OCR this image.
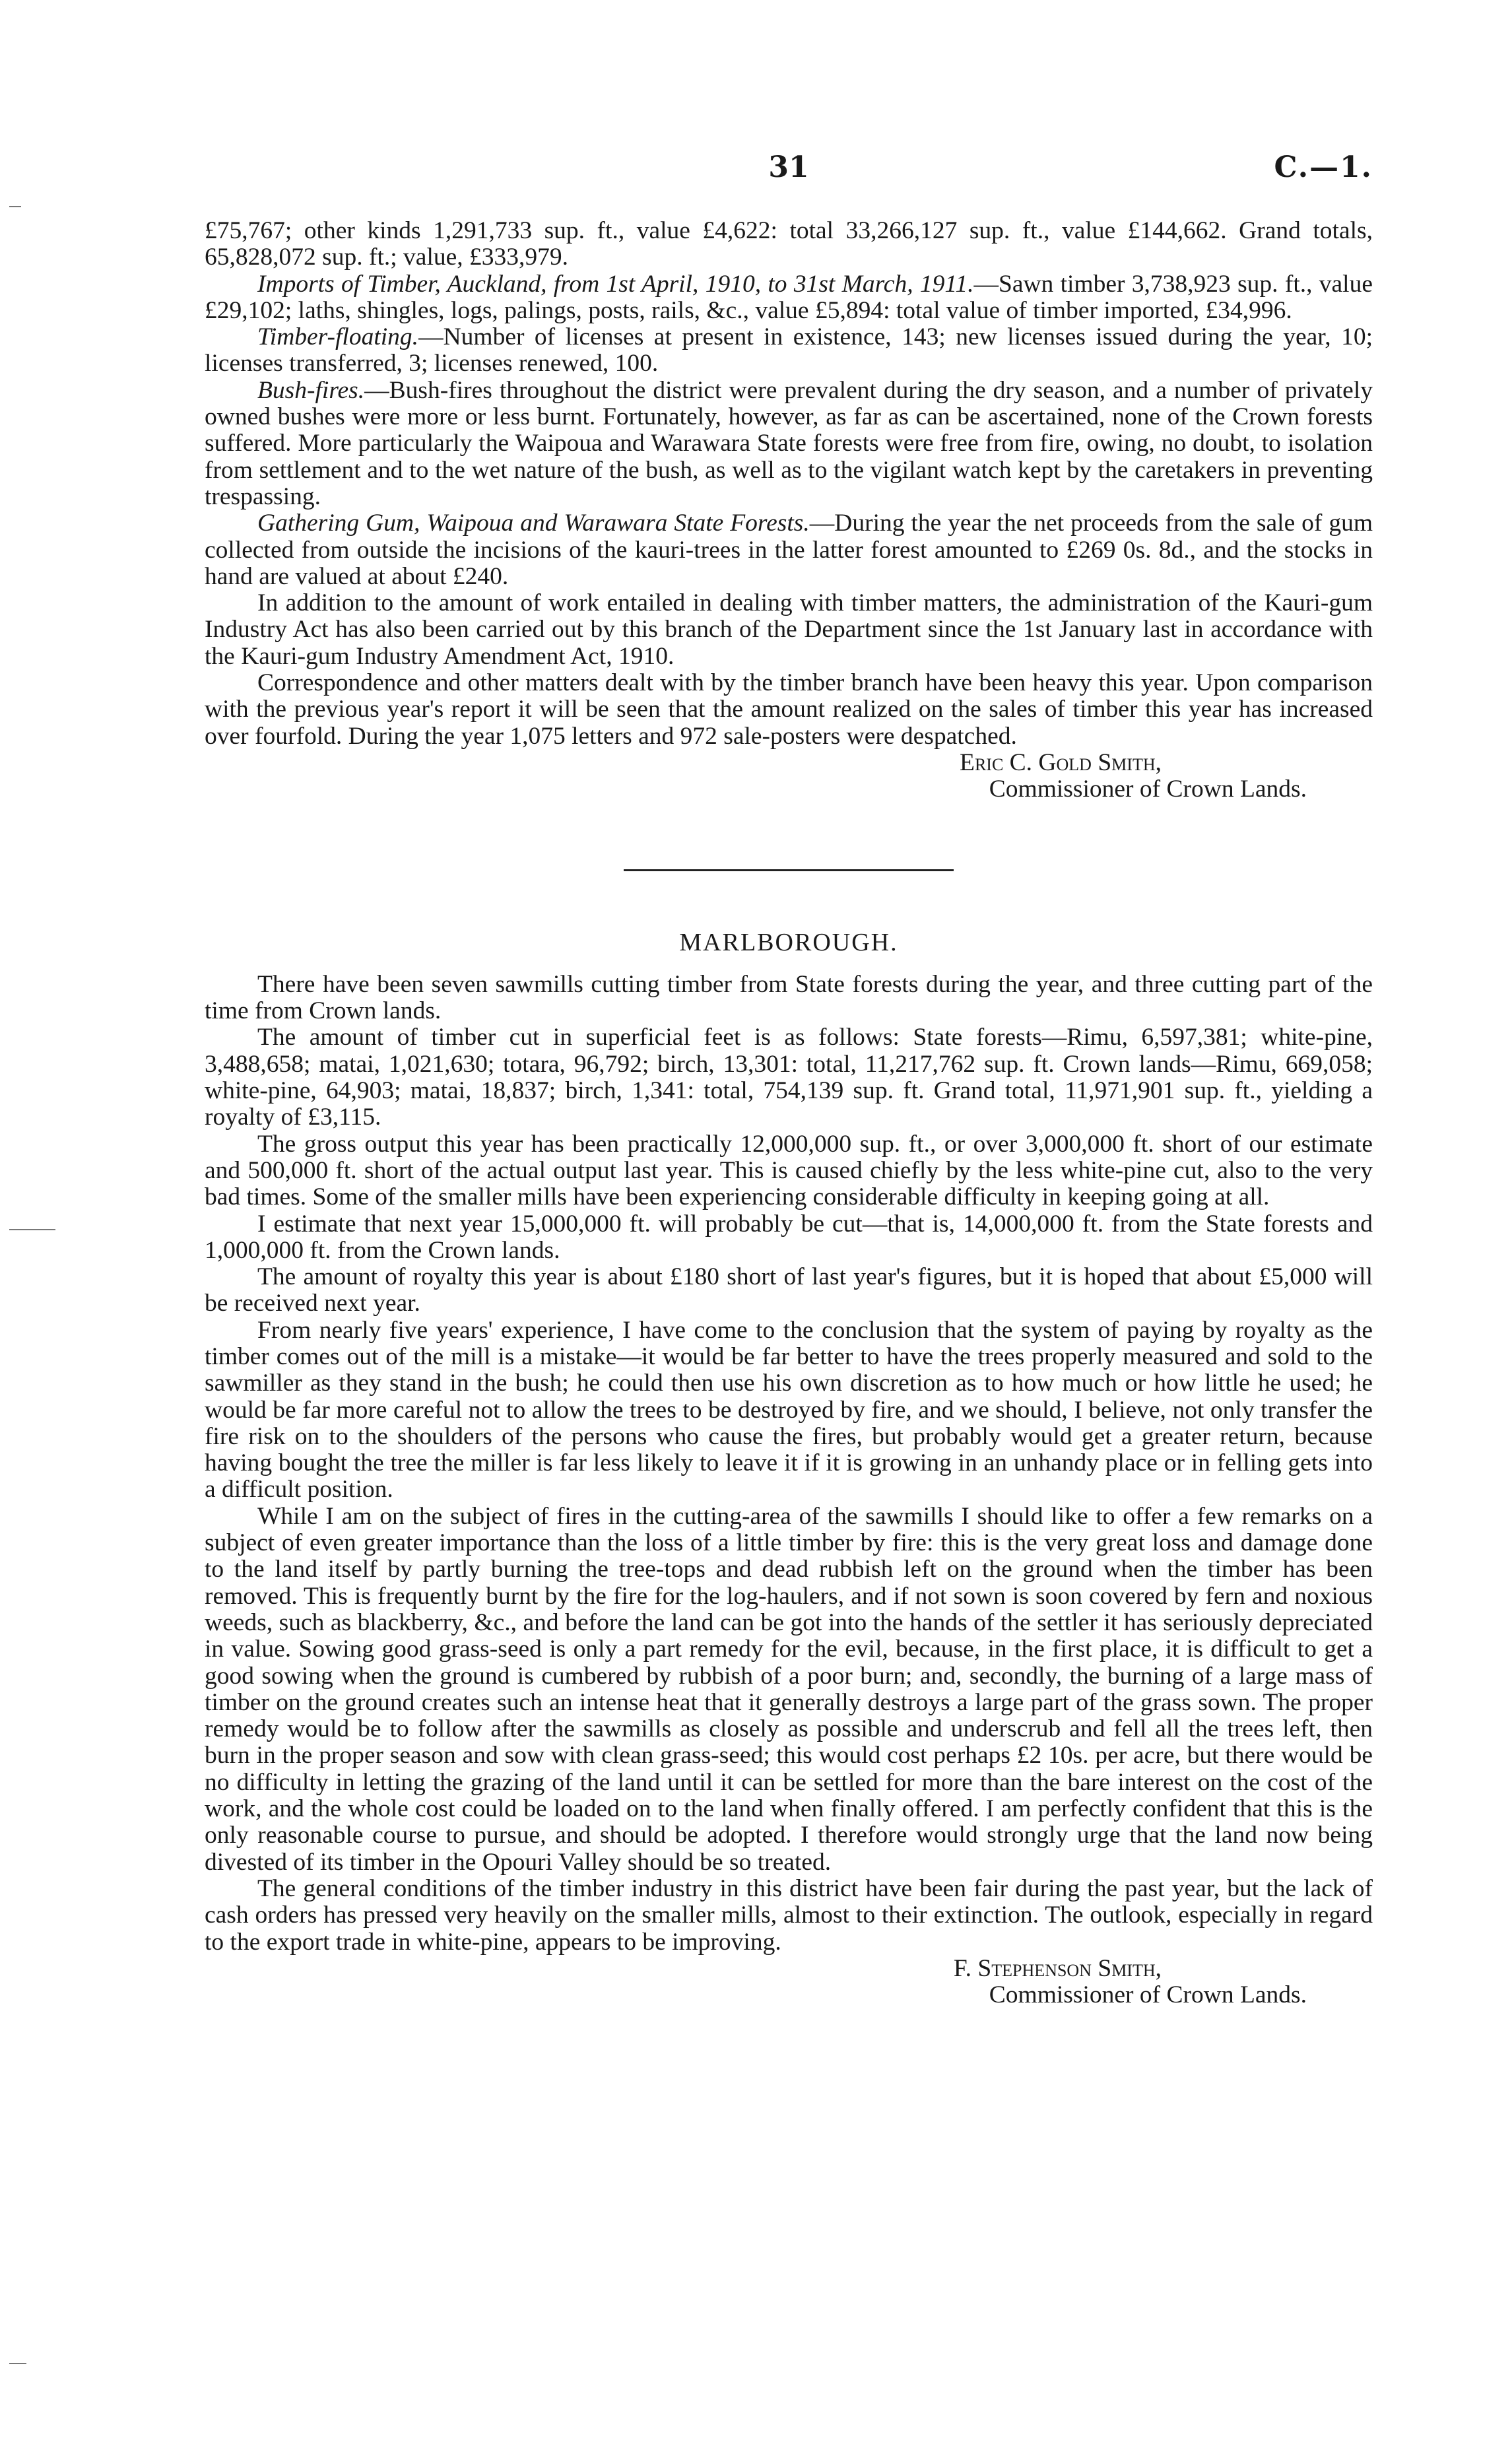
31	C.—1.

£75,767; other kinds 1,291,733 sup. ft., value £4,622: total 33,266,127 sup. ft., value £144,662. Grand totals, 65,828,072 sup. ft.; value, £333,979.

Imports of Timber, Auckland, from 1st April, 1910, to 31st March, 1911.—Sawn timber 3,738,923 sup. ft., value £29,102; laths, shingles, logs, palings, posts, rails, &c., value £5,894: total value of timber imported, £34,996.

Timber-floating.—Number of licenses at present in existence, 143; new licenses issued during the year, 10; licenses transferred, 3; licenses renewed, 100.

Bush-fires.—Bush-fires throughout the district were prevalent during the dry season, and a number of privately owned bushes were more or less burnt. Fortunately, however, as far as can be ascertained, none of the Crown forests suffered. More particularly the Waipoua and Warawara State forests were free from fire, owing, no doubt, to isolation from settlement and to the wet nature of the bush, as well as to the vigilant watch kept by the caretakers in preventing trespassing.

Gathering Gum, Waipoua and Warawara State Forests.—During the year the net proceeds from the sale of gum collected from outside the incisions of the kauri-trees in the latter forest amounted to £269 0s. 8d., and the stocks in hand are valued at about £240.

In addition to the amount of work entailed in dealing with timber matters, the administration of the Kauri-gum Industry Act has also been carried out by this branch of the Department since the 1st January last in accordance with the Kauri-gum Industry Amendment Act, 1910.

Correspondence and other matters dealt with by the timber branch have been heavy this year. Upon comparison with the previous year's report it will be seen that the amount realized on the sales of timber this year has increased over fourfold. During the year 1,075 letters and 972 sale-posters were despatched.

Eric C. Gold Smith,

Commissioner of Crown Lands.

MARLBOROUGH.

There have been seven sawmills cutting timber from State forests during the year, and three cutting part of the time from Crown lands.

The amount of timber cut in superficial feet is as follows: State forests—Rimu, 6,597,381; white-pine, 3,488,658; matai, 1,021,630; totara, 96,792; birch, 13,301: total, 11,217,762 sup. ft. Crown lands—Rimu, 669,058; white-pine, 64,903; matai, 18,837; birch, 1,341: total, 754,139 sup. ft. Grand total, 11,971,901 sup. ft., yielding a royalty of £3,115.

The gross output this year has been practically 12,000,000 sup. ft., or over 3,000,000 ft. short of our estimate and 500,000 ft. short of the actual output last year. This is caused chiefly by the less white-pine cut, also to the very bad times. Some of the smaller mills have been experiencing considerable difficulty in keeping going at all.

I estimate that next year 15,000,000 ft. will probably be cut—that is, 14,000,000 ft. from the State forests and 1,000,000 ft. from the Crown lands.

The amount of royalty this year is about £180 short of last year's figures, but it is hoped that about £5,000 will be received next year.

From nearly five years' experience, I have come to the conclusion that the system of paying by royalty as the timber comes out of the mill is a mistake—it would be far better to have the trees properly measured and sold to the sawmiller as they stand in the bush; he could then use his own discretion as to how much or how little he used; he would be far more careful not to allow the trees to be destroyed by fire, and we should, I believe, not only transfer the fire risk on to the shoulders of the persons who cause the fires, but probably would get a greater return, because having bought the tree the miller is far less likely to leave it if it is growing in an unhandy place or in felling gets into a difficult position.

While I am on the subject of fires in the cutting-area of the sawmills I should like to offer a few remarks on a subject of even greater importance than the loss of a little timber by fire: this is the very great loss and damage done to the land itself by partly burning the tree-tops and dead rubbish left on the ground when the timber has been removed. This is frequently burnt by the fire for the log-haulers, and if not sown is soon covered by fern and noxious weeds, such as blackberry, &c., and before the land can be got into the hands of the settler it has seriously depreciated in value. Sowing good grass-seed is only a part remedy for the evil, because, in the first place, it is difficult to get a good sowing when the ground is cumbered by rubbish of a poor burn; and, secondly, the burning of a large mass of timber on the ground creates such an intense heat that it generally destroys a large part of the grass sown. The proper remedy would be to follow after the sawmills as closely as possible and underscrub and fell all the trees left, then burn in the proper season and sow with clean grass-seed; this would cost perhaps £2 10s. per acre, but there would be no difficulty in letting the grazing of the land until it can be settled for more than the bare interest on the cost of the work, and the whole cost could be loaded on to the land when finally offered. I am perfectly confident that this is the only reasonable course to pursue, and should be adopted. I therefore would strongly urge that the land now being divested of its timber in the Opouri Valley should be so treated.

The general conditions of the timber industry in this district have been fair during the past year, but the lack of cash orders has pressed very heavily on the smaller mills, almost to their extinction. The outlook, especially in regard to the export trade in white-pine, appears to be improving.

F. Stephenson Smith,

Commissioner of Crown Lands.
